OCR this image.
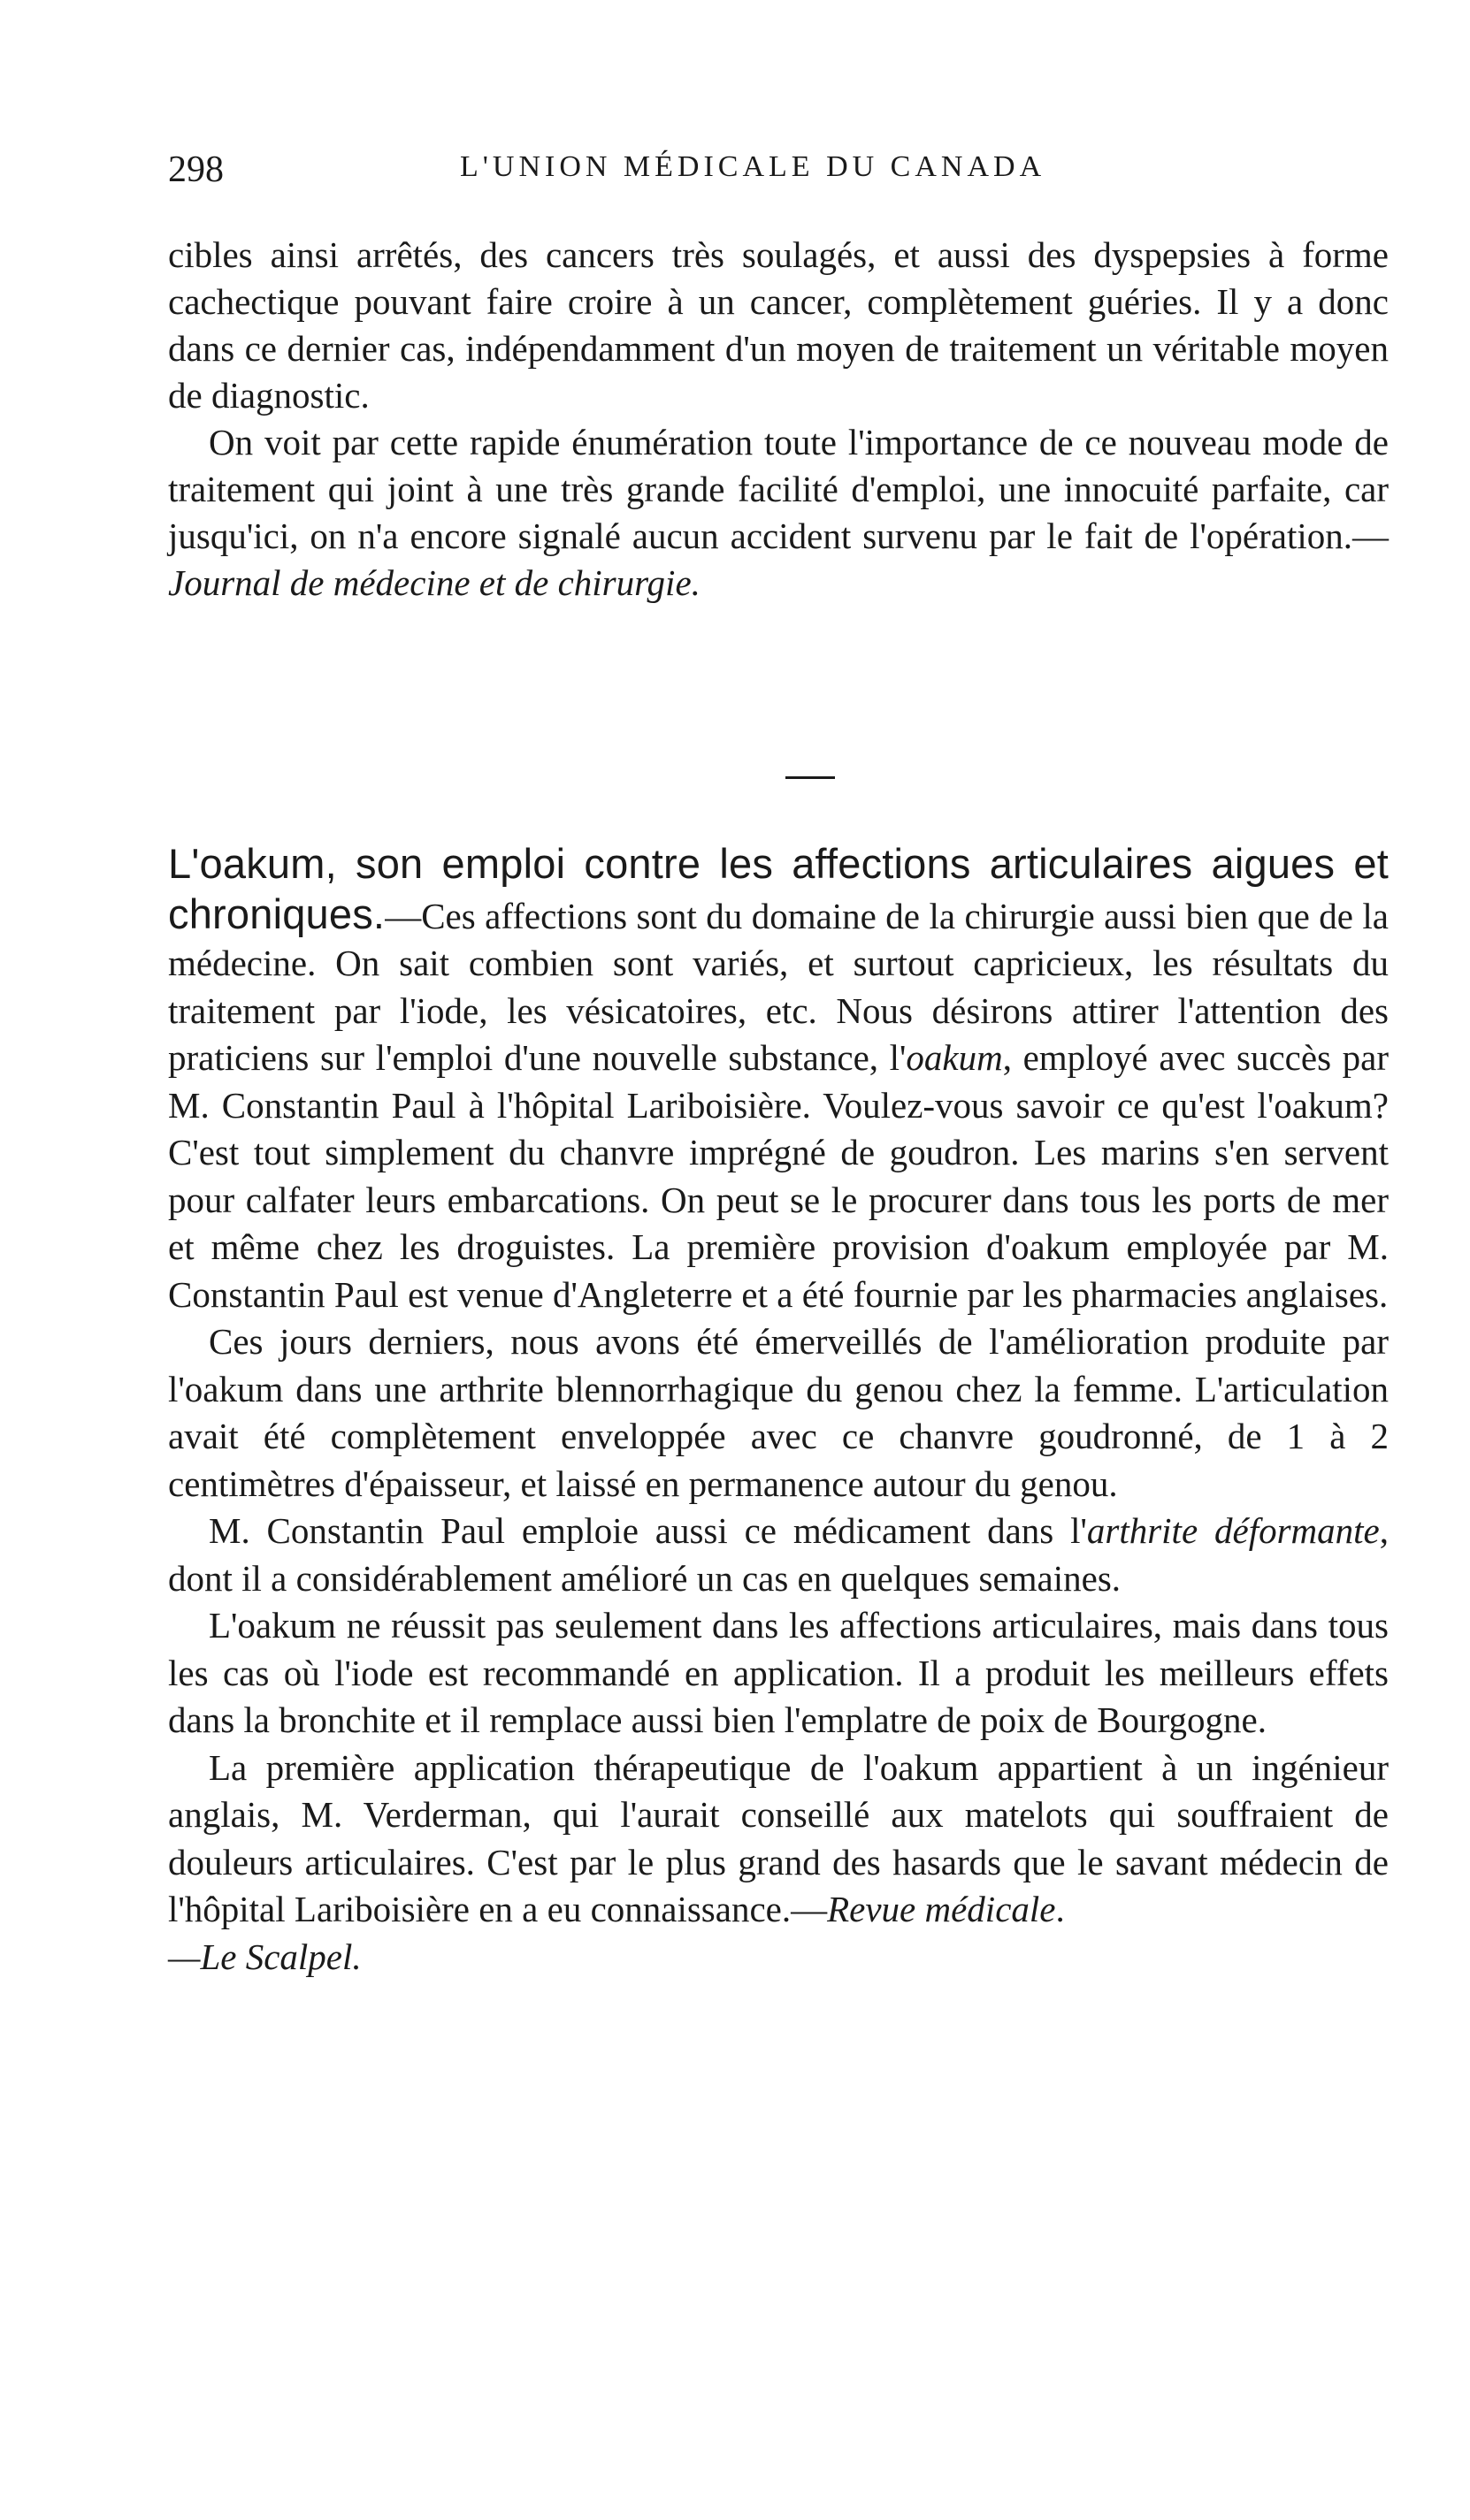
298	L'UNION MÉDICALE DU CANADA

cibles ainsi arrêtés, des cancers très soulagés, et aussi des dyspepsies à forme cachectique pouvant faire croire à un cancer, complètement guéries. Il y a donc dans ce dernier cas, indépendamment d'un moyen de traitement un véritable moyen de diagnostic.

On voit par cette rapide énumération toute l'importance de ce nouveau mode de traitement qui joint à une très grande facilité d'emploi, une innocuité parfaite, car jusqu'ici, on n'a encore signalé aucun accident survenu par le fait de l'opération.—Journal de médecine et de chirurgie.

L'oakum, son emploi contre les affections articulaires aigues et chroniques.—Ces affections sont du domaine de la chirurgie aussi bien que de la médecine. On sait combien sont variés, et surtout capricieux, les résultats du traitement par l'iode, les vésicatoires, etc. Nous désirons attirer l'attention des praticiens sur l'emploi d'une nouvelle substance, l'oakum, employé avec succès par M. Constantin Paul à l'hôpital Lariboisière. Voulez-vous savoir ce qu'est l'oakum? C'est tout simplement du chanvre imprégné de goudron. Les marins s'en servent pour calfater leurs embarcations. On peut se le procurer dans tous les ports de mer et même chez les droguistes. La première provision d'oakum employée par M. Constantin Paul est venue d'Angleterre et a été fournie par les pharmacies anglaises.

Ces jours derniers, nous avons été émerveillés de l'amélioration produite par l'oakum dans une arthrite blennorrhagique du genou chez la femme. L'articulation avait été complètement enveloppée avec ce chanvre goudronné, de 1 à 2 centimètres d'épaisseur, et laissé en permanence autour du genou.

M. Constantin Paul emploie aussi ce médicament dans l'arthrite déformante, dont il a considérablement amélioré un cas en quelques semaines.

L'oakum ne réussit pas seulement dans les affections articulaires, mais dans tous les cas où l'iode est recommandé en application. Il a produit les meilleurs effets dans la bronchite et il remplace aussi bien l'emplatre de poix de Bourgogne.

La première application thérapeutique de l'oakum appartient à un ingénieur anglais, M. Verderman, qui l'aurait conseillé aux matelots qui souffraient de douleurs articulaires. C'est par le plus grand des hasards que le savant médecin de l'hôpital Lariboisière en a eu connaissance.—Revue médicale.

—Le Scalpel.
